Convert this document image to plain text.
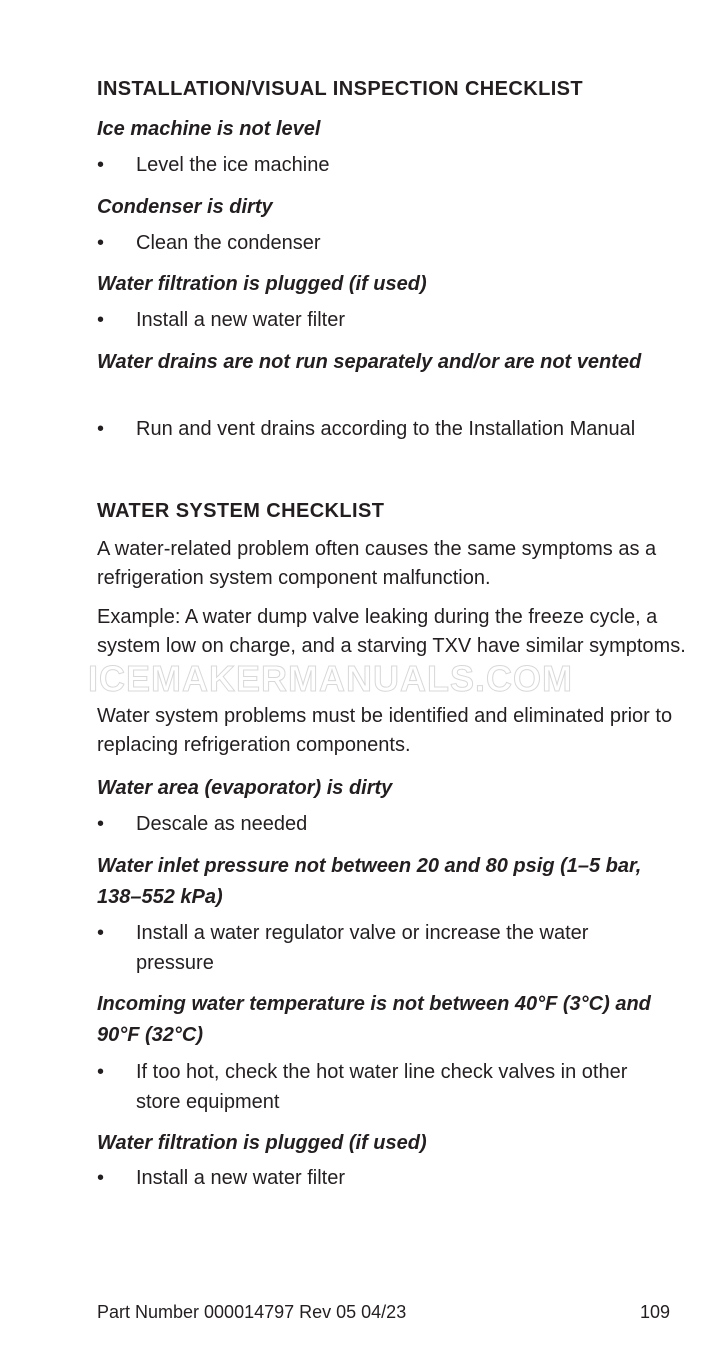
INSTALLATION/VISUAL INSPECTION CHECKLIST

Ice machine is not level

• Level the ice machine

Condenser is dirty

• Clean the condenser

Water filtration is plugged (if used)

• Install a new water filter

Water drains are not run separately and/or are not vented

• Run and vent drains according to the Installation Manual
WATER SYSTEM CHECKLIST

A water-related problem often causes the same symptoms as a refrigeration system component malfunction.

Example: A water dump valve leaking during the freeze cycle, a system low on charge, and a starving TXV have similar symptoms.

ICEMAKERMANUALS.COM

Water system problems must be identified and eliminated prior to replacing refrigeration components.

Water area (evaporator) is dirty

• Descale as needed

Water inlet pressure not between 20 and 80 psig (1–5 bar, 138–552 kPa)

• Install a water regulator valve or increase the water pressure

Incoming water temperature is not between 40°F (3°C) and 90°F (32°C)

• If too hot, check the hot water line check valves in other store equipment

Water filtration is plugged (if used)

• Install a new water filter
Part Number 000014797 Rev 05 04/23	109
